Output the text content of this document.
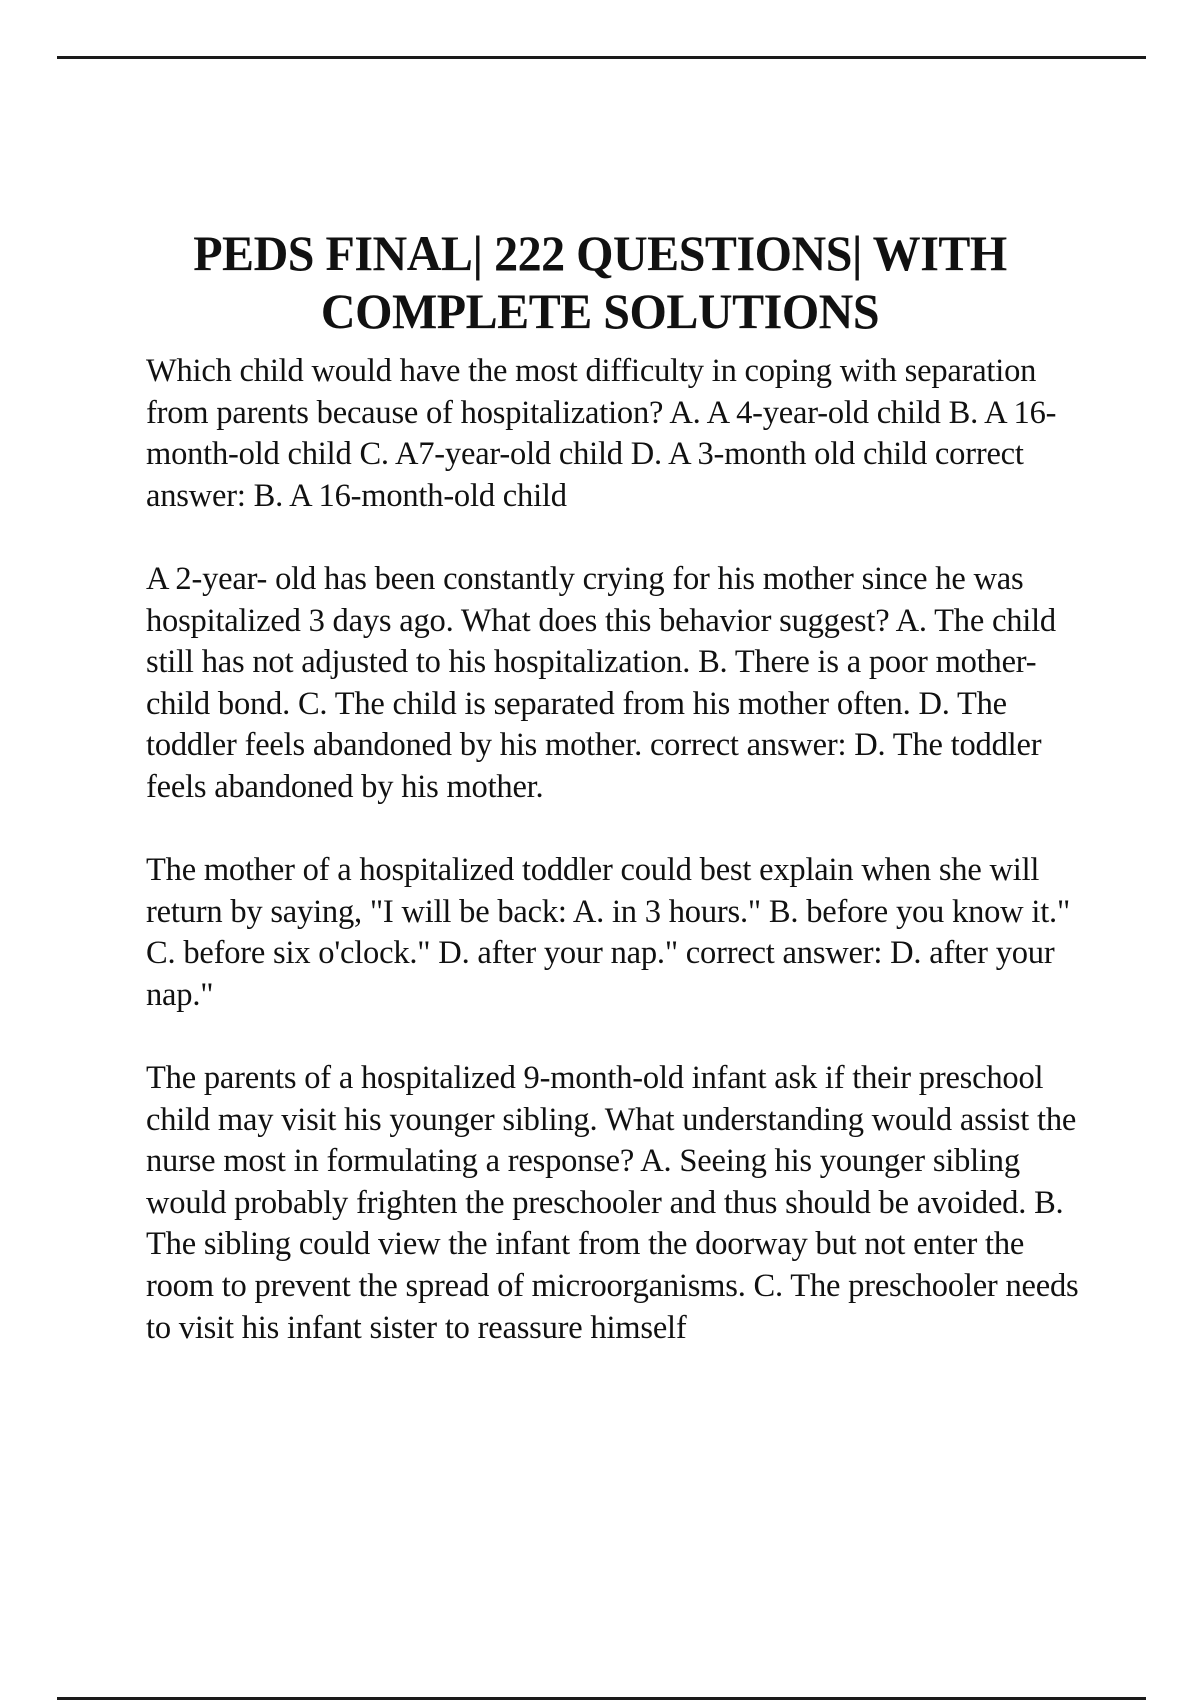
PEDS FINAL| 222 QUESTIONS| WITH COMPLETE SOLUTIONS

Which child would have the most difficulty in coping with separation from parents because of hospitalization? A. A 4-year-old child B. A 16-month-old child C. A7-year-old child D. A 3-month old child correct answer: B. A 16-month-old child

A 2-year- old has been constantly crying for his mother since he was hospitalized 3 days ago. What does this behavior suggest? A. The child still has not adjusted to his hospitalization. B. There is a poor mother-child bond. C. The child is separated from his mother often. D. The toddler feels abandoned by his mother. correct answer: D. The toddler feels abandoned by his mother.

The mother of a hospitalized toddler could best explain when she will return by saying, "I will be back: A. in 3 hours." B. before you know it." C. before six o'clock." D. after your nap." correct answer: D. after your nap."

The parents of a hospitalized 9-month-old infant ask if their preschool child may visit his younger sibling. What understanding would assist the nurse most in formulating a response? A. Seeing his younger sibling would probably frighten the preschooler and thus should be avoided. B. The sibling could view the infant from the doorway but not enter the room to prevent the spread of microorganisms. C. The preschooler needs to visit his infant sister to reassure himself
